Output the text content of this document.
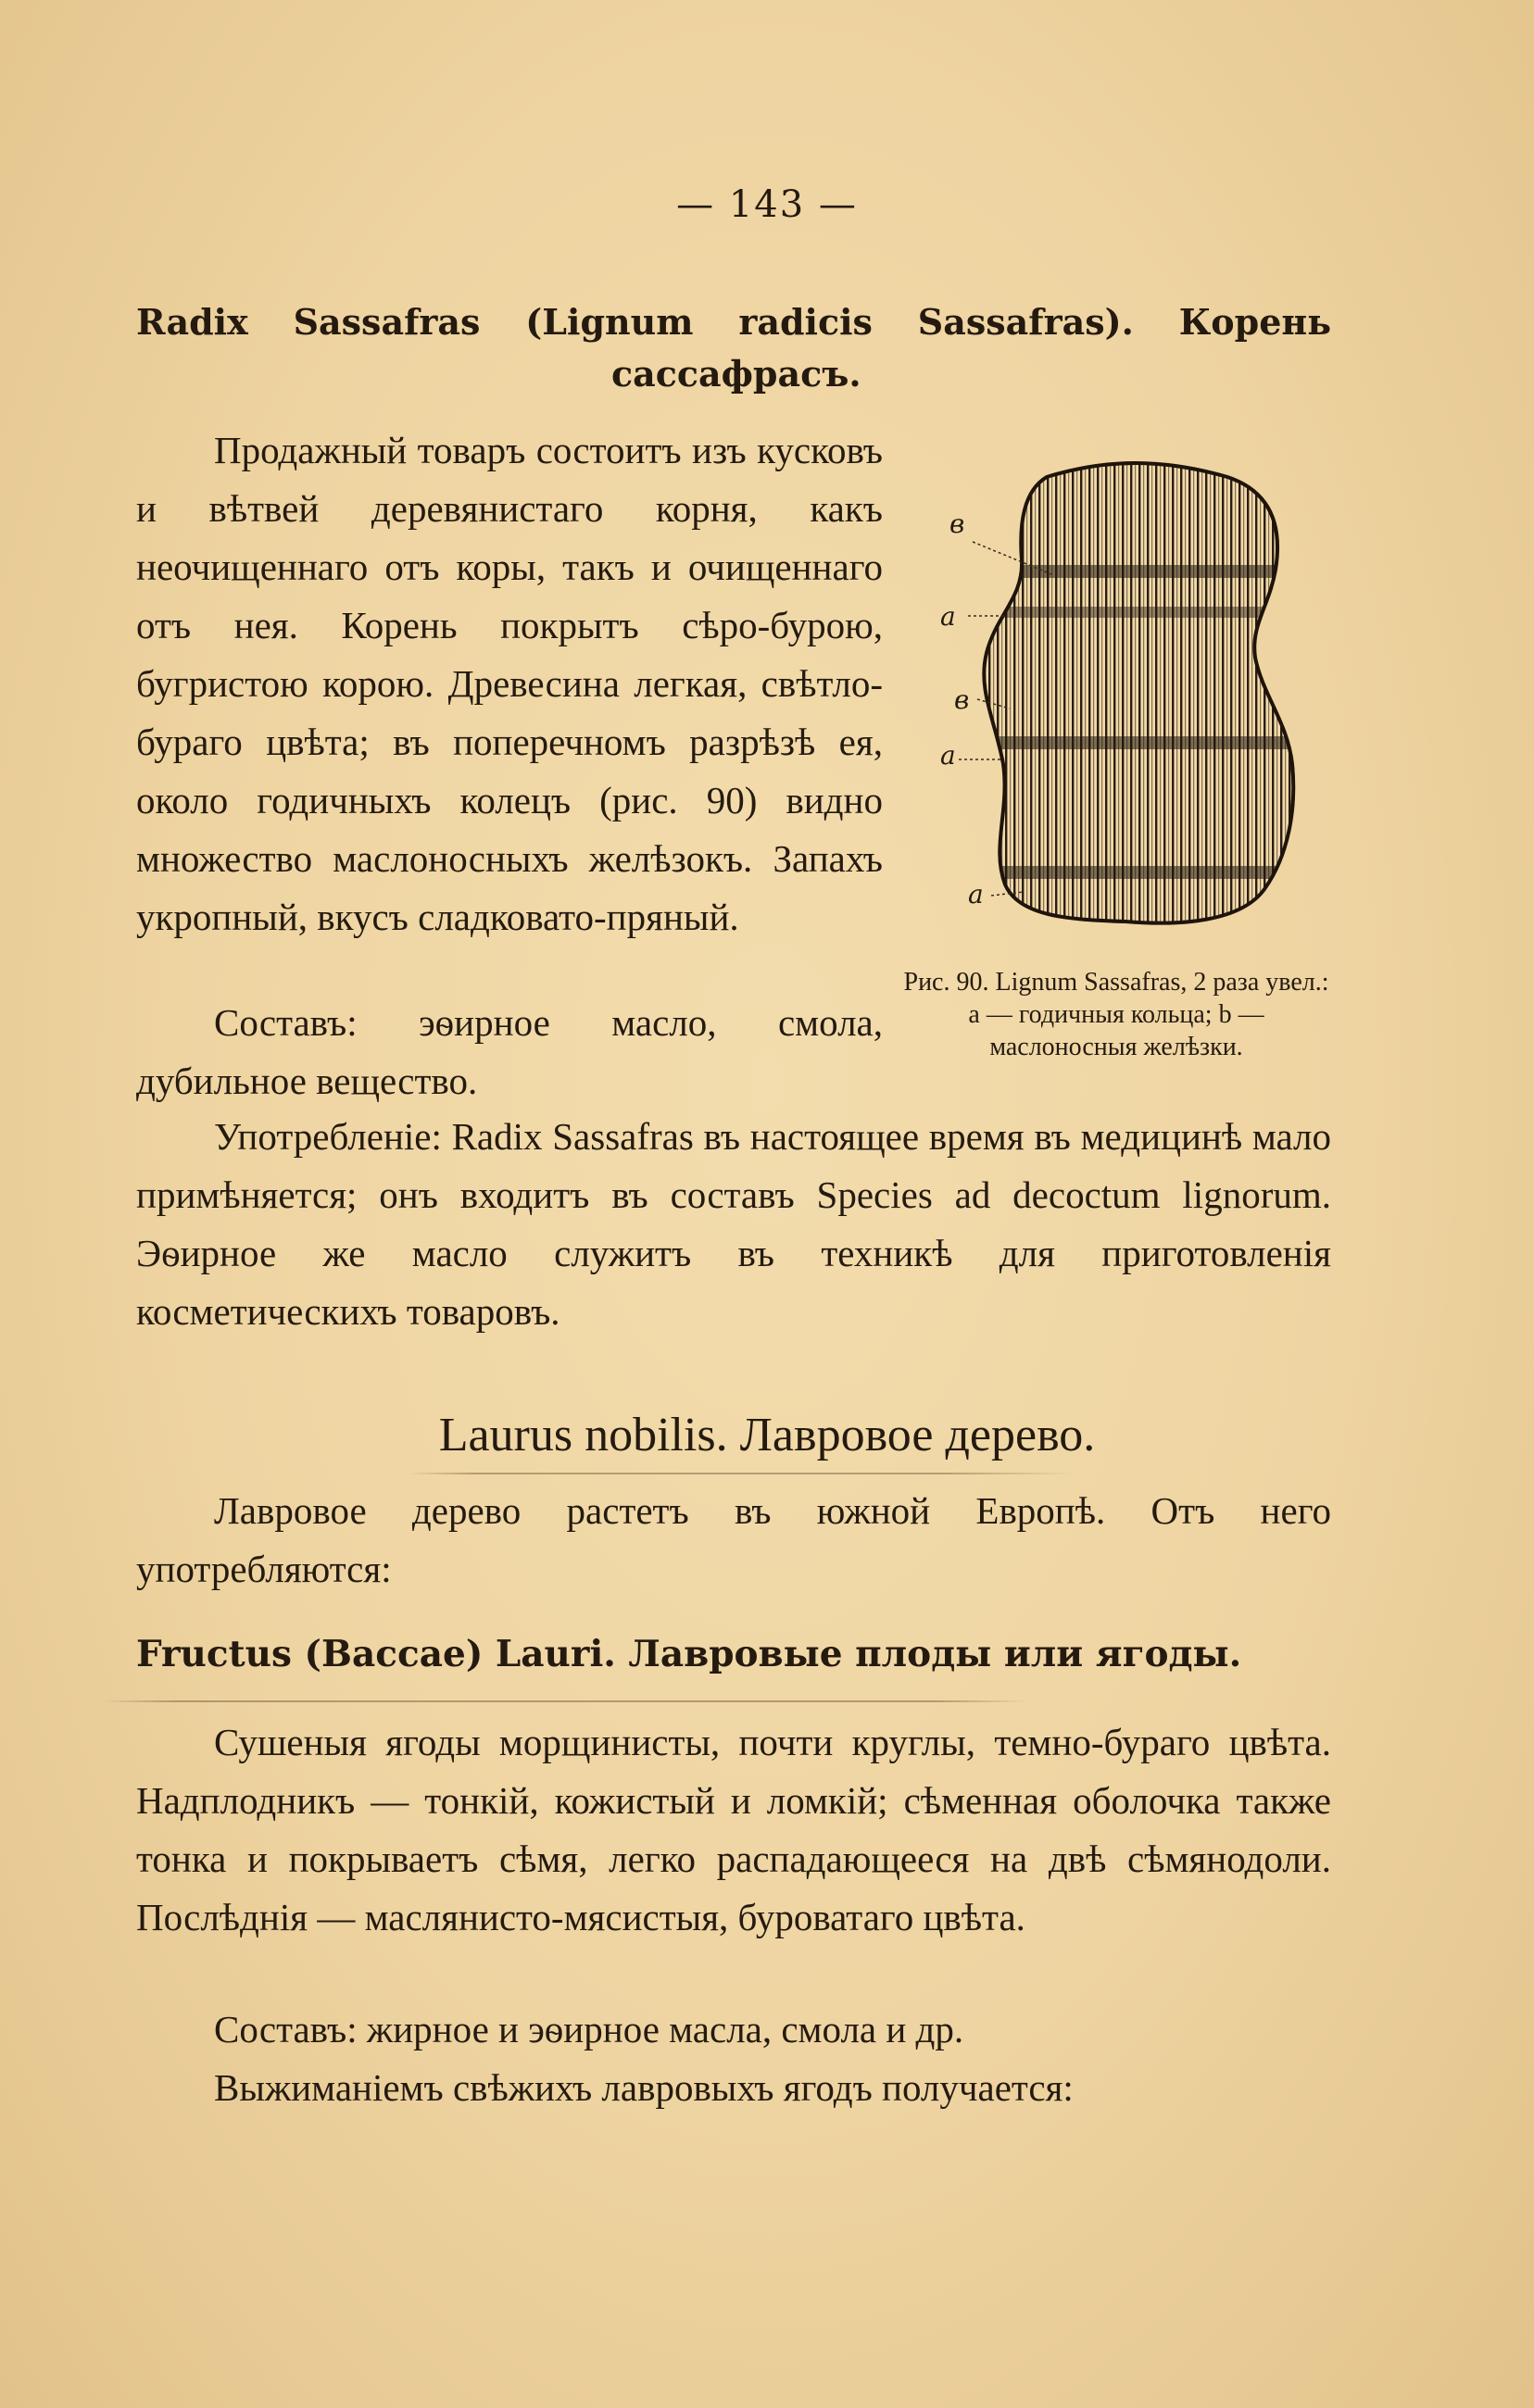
— 143 —
Radix Sassafras (Lignum radicis Sassafras). Корень
сассафрасъ.

Продажный товаръ состоитъ изъ кусковъ и вѣтвей деревянистаго корня, какъ неочищеннаго отъ коры, такъ и очищеннаго отъ нея. Корень покрытъ сѣро-бурою, бугристою корою. Древесина легкая, свѣтло-бураго цвѣта; въ поперечномъ разрѣзѣ ея, около годичныхъ колецъ (рис. 90) видно множество маслоносныхъ желѣзокъ. Запахъ укропный, вкусъ сладковато-пряный.

Составъ: эѳирное масло, смола, дубильное вещество.

Употребленіе: Radix Sassafras въ настоящее время въ медицинѣ мало примѣняется; онъ входитъ въ составъ Species ad decoctum lignorum. Эѳирное же масло служитъ въ техникѣ для приготовленія косметическихъ товаровъ.

в
а
в
а
а

Рис. 90. Lignum Sassafras, 2 раза увел.: а — годичныя кольца; b — маслоносныя желѣзки.

Laurus nobilis. Лавровое дерево.

Лавровое дерево растетъ въ южной Европѣ. Отъ него употребляются:

Fructus (Baccae) Lauri. Лавровые плоды или ягоды.

Сушеныя ягоды морщинисты, почти круглы, темно-бураго цвѣта. Надплодникъ — тонкій, кожистый и ломкій; сѣменная оболочка также тонка и покрываетъ сѣмя, легко распадающееся на двѣ сѣмянодоли. Послѣднія — маслянисто-мясистыя, буроватаго цвѣта.

Составъ: жирное и эѳирное масла, смола и др.

Выжиманіемъ свѣжихъ лавровыхъ ягодъ получается:
